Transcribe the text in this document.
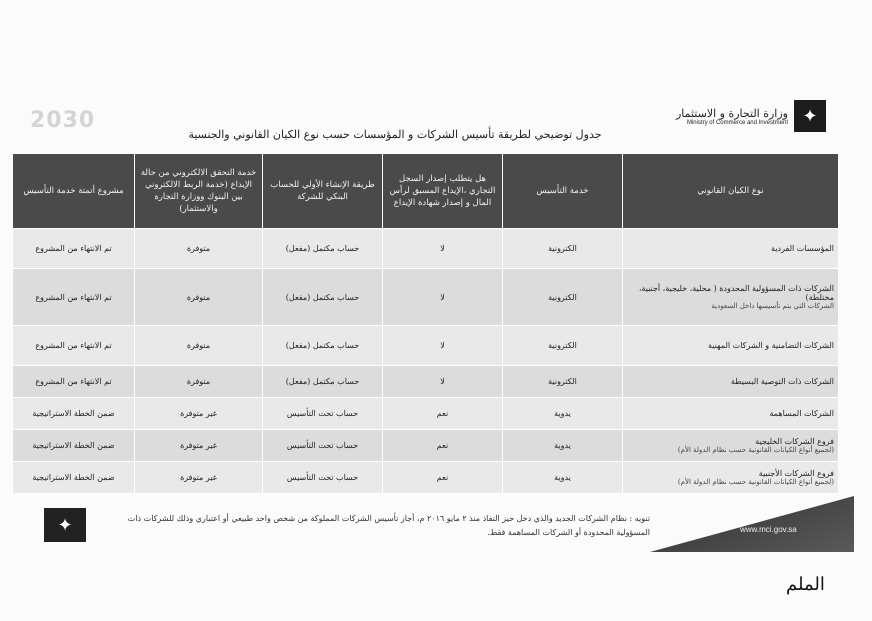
2030	وزارة التجارة و الاستثمار
Ministry of Commerce and Investment ✦
جدول توضيحي لطريقة تأسيس الشركات و المؤسسات حسب نوع الكيان القانوني والجنسية
نوع الكيان القانوني	خدمة التأسيس	هل يتطلب إصدار السجل التجاري ،الإيداع المسبق لرأس المال و إصدار شهادة الإيداع	طريقة الإنشاء الأولي للحساب البنكي للشركة	خدمة التحقق الالكتروني من حالة الإيداع (خدمة الربط الالكتروني بين البنوك ووزارة التجارة والاستثمار)	مشروع أتمتة خدمة التأسيس
المؤسسات الفردية	الكترونية	لا	حساب مكتمل (مفعل)	متوفرة	تم الانتهاء من المشروع
الشركات ذات المسؤولية المحدودة ( محلية، خليجية، أجنبية، مختلطة)
الشركات التي يتم تأسيسها داخل السعودية	الكترونية	لا	حساب مكتمل (مفعل)	متوفرة	تم الانتهاء من المشروع
الشركات التضامنية و الشركات المهنية	الكترونية	لا	حساب مكتمل (مفعل)	متوفرة	تم الانتهاء من المشروع
الشركات ذات التوصية البسيطة	الكترونية	لا	حساب مكتمل (مفعل)	متوفرة	تم الانتهاء من المشروع
الشركات المساهمة	يدوية	نعم	حساب تحت التأسيس	غير متوفرة	ضمن الخطة الاستراتيجية
فروع الشركات الخليجية
(لجميع أنواع الكيانات القانونية حسب نظام الدولة الأم)	يدوية	نعم	حساب تحت التأسيس	غير متوفرة	ضمن الخطة الاستراتيجية
فروع الشركات الأجنبية
(لجميع أنواع الكيانات القانونية حسب نظام الدولة الأم)	يدوية	نعم	حساب تحت التأسيس	غير متوفرة	ضمن الخطة الاستراتيجية
www.mci.gov.sa
تنويه : نظام الشركات الجديد والذي دخل حيز النفاذ منذ ٢ مايو ٢٠١٦ م، أجاز تأسيس الشركات المملوكة من شخص واحد طبيعي أو اعتباري وذلك للشركات ذات المسؤولية المحدودة أو الشركات المساهمة فقط.
✦
الملم
